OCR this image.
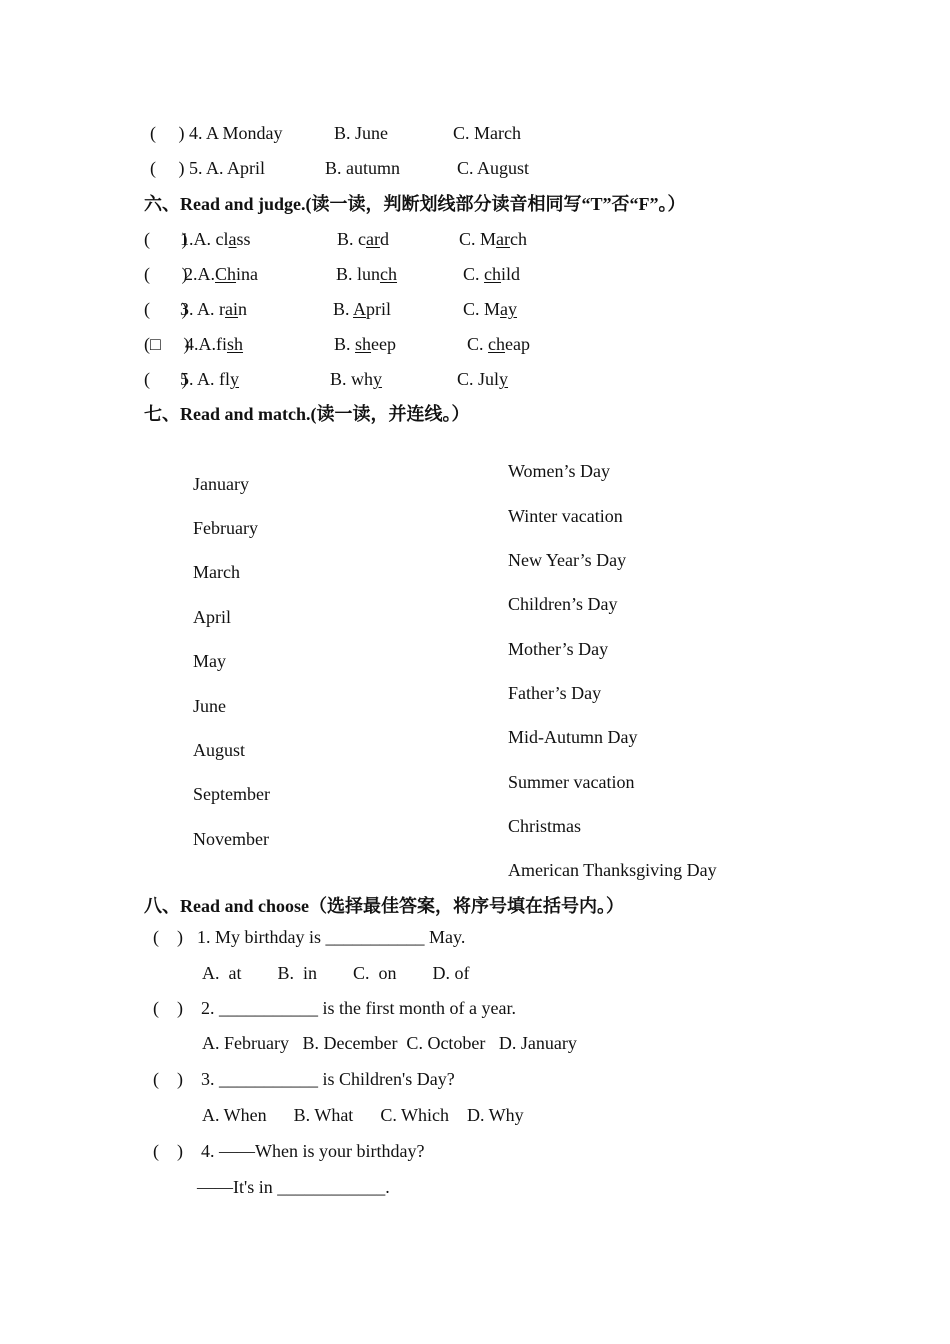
(     ) 4. A Monday	B. June	C. March
(     ) 5. A. April	B. autumn	C. August
六、Read and judge.(读一读，判断划线部分读音相同写“T”否“F”。）
(       )
1.A. class	B. card	C. March
(       )
2.A.China	B. lunch	C. child
(       )
3. A. rain	B. April	C. May
(□     )
4.A.fish	B. sheep	C. cheap
(       )
5. A. fly	B. why	C. July
七、Read and match.(读一读，并连线。）
January
February
March
April
May
June
August
September
November
Women’s Day
Winter vacation
New Year’s Day
Children’s Day
Mother’s Day
Father’s Day
Mid-Autumn Day
Summer vacation
Christmas
American Thanksgiving Day
八、Read and choose（选择最佳答案，将序号填在括号内。）
(    ) 1. My birthday is ___________ May.
A.  at        B.  in        C.  on        D. of
(    ) 2. ___________ is the first month of a year.
A. February   B. December  C. October   D. January
(    ) 3. ___________ is Children's Day?
A. When      B. What      C. Which    D. Why
(    ) 4. ——When is your birthday?
——It's in ____________.
